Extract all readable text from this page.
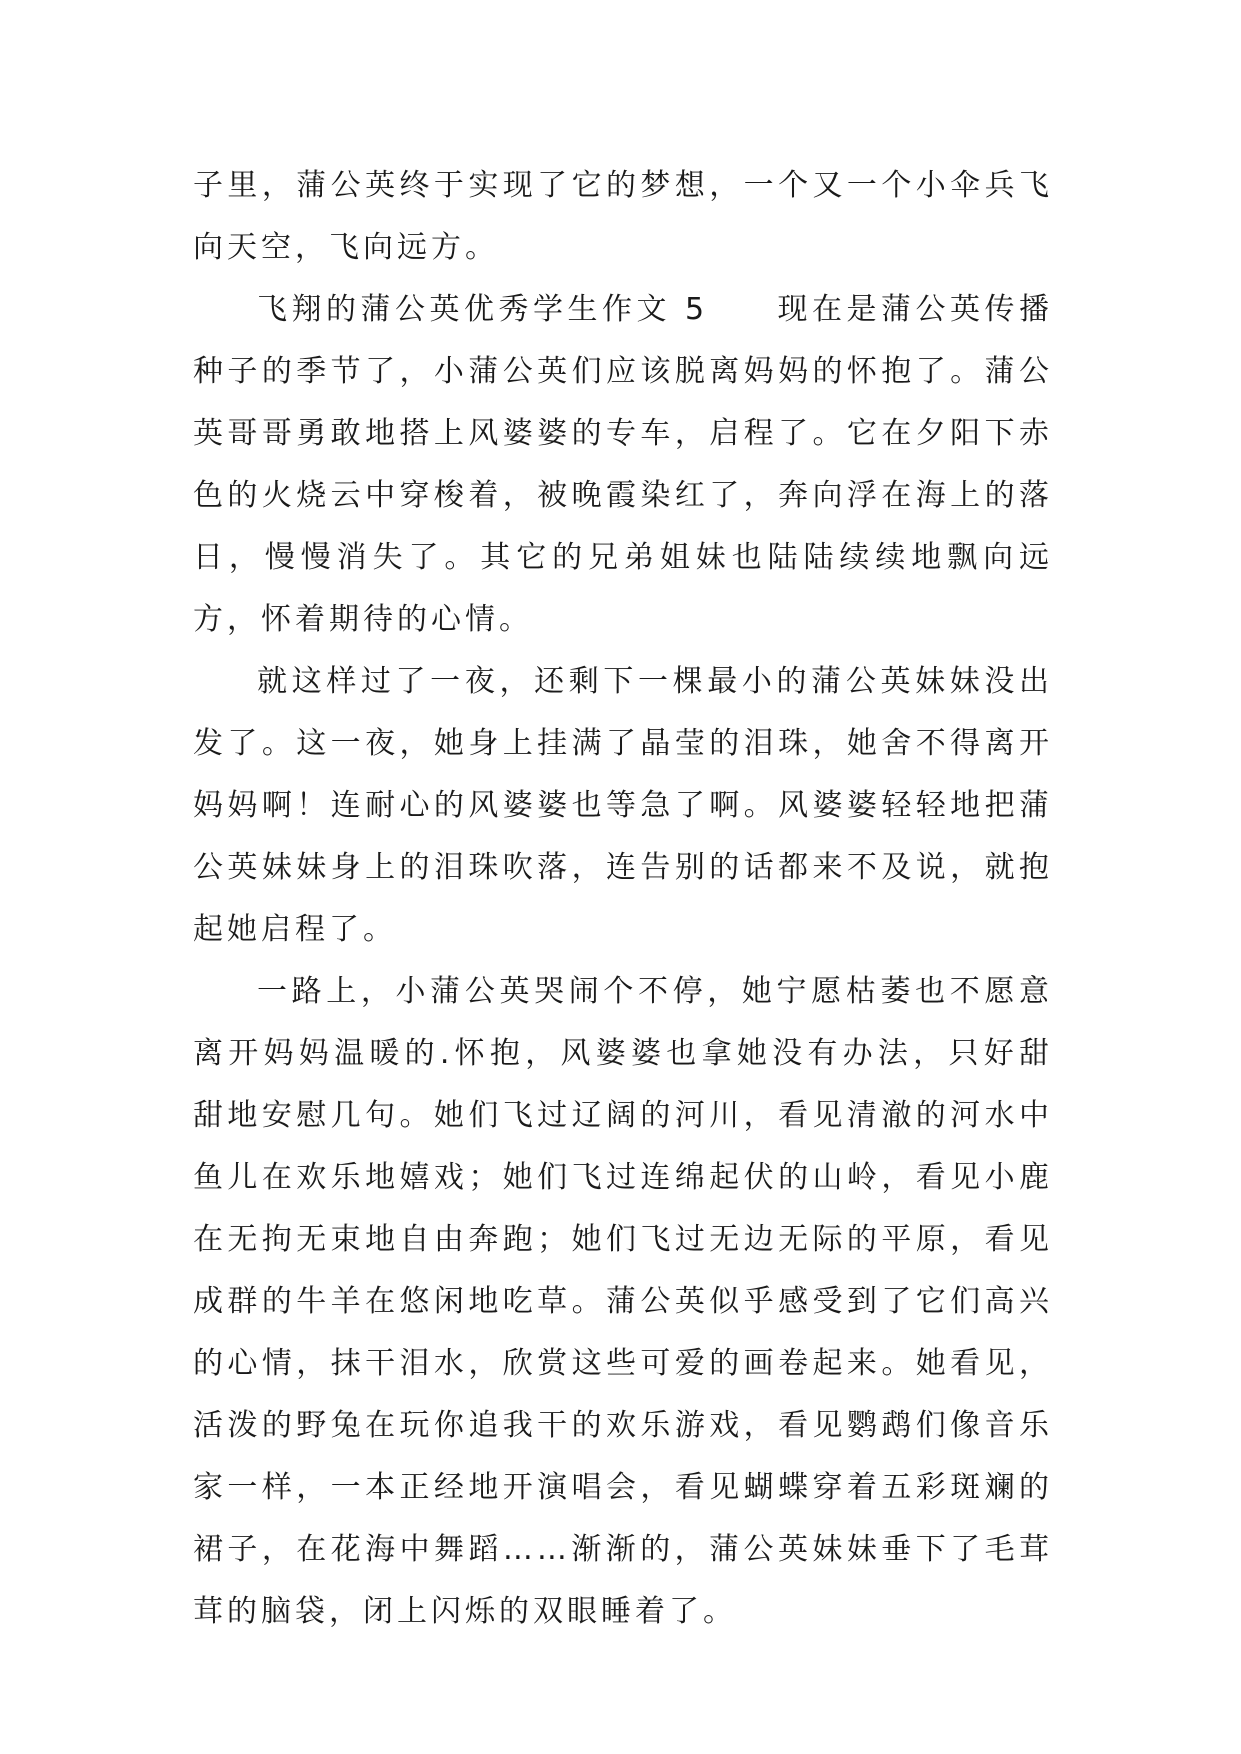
子里，蒲公英终于实现了它的梦想，一个又一个小伞兵飞向天空，飞向远方。

飞翔的蒲公英优秀学生作文 5　　现在是蒲公英传播种子的季节了，小蒲公英们应该脱离妈妈的怀抱了。蒲公英哥哥勇敢地搭上风婆婆的专车，启程了。它在夕阳下赤色的火烧云中穿梭着，被晚霞染红了，奔向浮在海上的落日，慢慢消失了。其它的兄弟姐妹也陆陆续续地飘向远方，怀着期待的心情。

就这样过了一夜，还剩下一棵最小的蒲公英妹妹没出发了。这一夜，她身上挂满了晶莹的泪珠，她舍不得离开妈妈啊！连耐心的风婆婆也等急了啊。风婆婆轻轻地把蒲公英妹妹身上的泪珠吹落，连告别的话都来不及说，就抱起她启程了。

一路上，小蒲公英哭闹个不停，她宁愿枯萎也不愿意离开妈妈温暖的.怀抱，风婆婆也拿她没有办法，只好甜甜地安慰几句。她们飞过辽阔的河川，看见清澈的河水中鱼儿在欢乐地嬉戏；她们飞过连绵起伏的山岭，看见小鹿在无拘无束地自由奔跑；她们飞过无边无际的平原，看见成群的牛羊在悠闲地吃草。蒲公英似乎感受到了它们高兴的心情，抹干泪水，欣赏这些可爱的画卷起来。她看见，活泼的野兔在玩你追我干的欢乐游戏，看见鹦鹉们像音乐家一样，一本正经地开演唱会，看见蝴蝶穿着五彩斑斓的裙子，在花海中舞蹈……渐渐的，蒲公英妹妹垂下了毛茸茸的脑袋，闭上闪烁的双眼睡着了。
